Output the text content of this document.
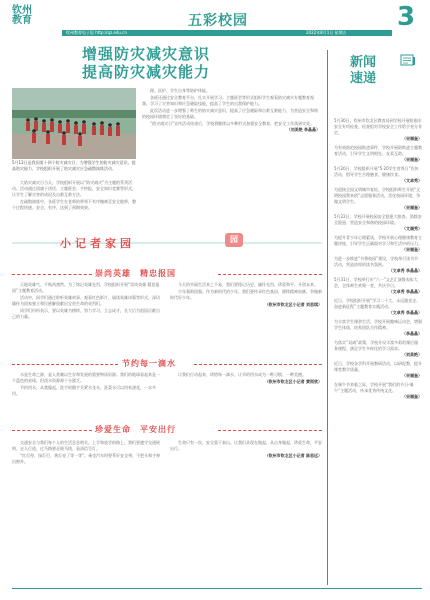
钦州
教育	五彩校园	3
钦州教育电子报 http://qz.edu.cn	2022年8月1日 星期五
增强防灾减灾意识
提高防灾减灾能力
5月12日是我国第十四个防灾减灾日，为增强学生的防灾减灾意识，提高防灾能力，学校组织开展了防灾减灾应急疏散演练活动。

大防灾减灾日当天，学校组织开展以“防灾减灾”为主题的系列活动。活动通过国旗下讲话、主题班会、手抄报、安全知识竞赛等形式，让学生了解灾害的成因及自救互救方法。

在疏散演练中，各班学生在老师的带领下有序撤离至安全地带，整个过程快速、安全、有序，达到了预期效果。

理、医护、学生自身等防护体能。

各班还通过安全教育平台，扎实开展学习，主题班会等形式组织学生观看防灾减灾专题教育视频，学习了灾害知识和应急避险技能，提高了学生的自我保护能力。

此次活动进一步增强了师生的防灾减灾意识，提高了应急避险和自救互救能力，为营造安全和谐的校园环境奠定了良好的基础。

“防灾减灾日”宣传活动结束后，学校将继续以多种形式加强安全教育，把安全工作落到实处。

（刘美艳 李晶晶）
新闻
速递
5月30日，钦州市钦北区教育局到学校开展防溺水安全专项检查，检查组对学校安全工作给予充分肯定。
（宋福奎）
为有效防范校园欺凌事件，学校开展防欺凌主题教育活动，引导学生文明相处、友爱互助。
（宋福奎）
5月20日，学校组织开展“5·20学生营养日”宣传活动，倡导学生合理膳食、健康饮食。
（文卓秀）
为迎接全国文明城市复检，学校组织师生开展“文明校园我来创”志愿服务活动，美化校园环境，争做文明学生。
（宋福奎）
5月22日，学校开展校园安全隐患大排查，消除安全隐患，营造安全和谐的校园环境。
（文福秀）
为提升青少年心理素质，学校开展心理健康教育主题讲座，引导学生正确面对学习和生活中的压力。
（宋福奎）
为进一步推进“书香校园”建设，学校举行读书节活动，营造浓厚的读书氛围。
（文卓秀 李晶晶）
5月31日，学校举行庆“六一”文艺汇演暨表彰大会，全体师生欢聚一堂，共庆节日。
（文卓秀 李晶晶）
近日，学校组织开展“学习二十大、永远跟党走、奋进新征程”主题教育实践活动。
（文卓秀 李晶晶）
为丰富学生课余生活，学校开展趣味运动会，增强学生体质，培养团队合作精神。
（李晶晶）
为落实“双减”政策，学校开设丰富多彩的课后服务课程，满足学生多样化的学习需求。
（刘美艳）
近日，学校各学科开展教研活动，以研促教，提升课堂教学质量。
（宋福奎）
在端午节来临之际，学校开展“我们的节日·端午”主题活动，传承优秀传统文化。
（宋福奎）
小记者家园	园
崇尚英雄　精忠报国

天地英雄气，千秋尚凛然。为了铭记英雄先烈，学校组织开展“崇尚英雄 精忠报国”主题教育活动。

活动中，同学们通过聆听英雄故事、观看红色影片、诵读英雄诗篇等形式，深切缅怀为国家独立和民族解放献出宝贵生命的英烈们。

同学们纷纷表示，要以英雄为榜样，努力学习，立志成才，长大后为祖国贡献自己的力量。

今天的幸福生活来之不易，我们要铭记历史、缅怀先烈、珍爱和平、开创未来。

少年强则国强。作为新时代的少年，我们要传承红色基因，赓续精神血脉，争做新时代好少年。

（钦州市钦北区小记者 刘思琪）
节约每一滴水

水是生命之源，是人类赖以生存和发展的重要物质资源。我们的地球看起来是一个蓝色的星球，但淡水资源却十分匮乏。

节约用水，从我做起。洗手时随手关紧水龙头，洗菜水可以用来浇花，一水多用。

让我们行动起来，珍惜每一滴水，让节约用水成为一种习惯、一种美德。

（钦州市钦北区小记者 黄雨欣）
珍爱生命　平安出行

交通安全与我们每个人的生活息息相关。上学和放学的路上，我们要遵守交通规则，走人行道，过马路要走斑马线，看清信号灯。

“红灯停，绿灯行，黄灯亮了等一等”。乘坐汽车时要系好安全带，不把头和手伸出窗外。

生命只有一次，安全重于泰山。让我们从现在做起，从自身做起，珍爱生命，平安出行。

（钦州市钦北区小记者 陈思远）
